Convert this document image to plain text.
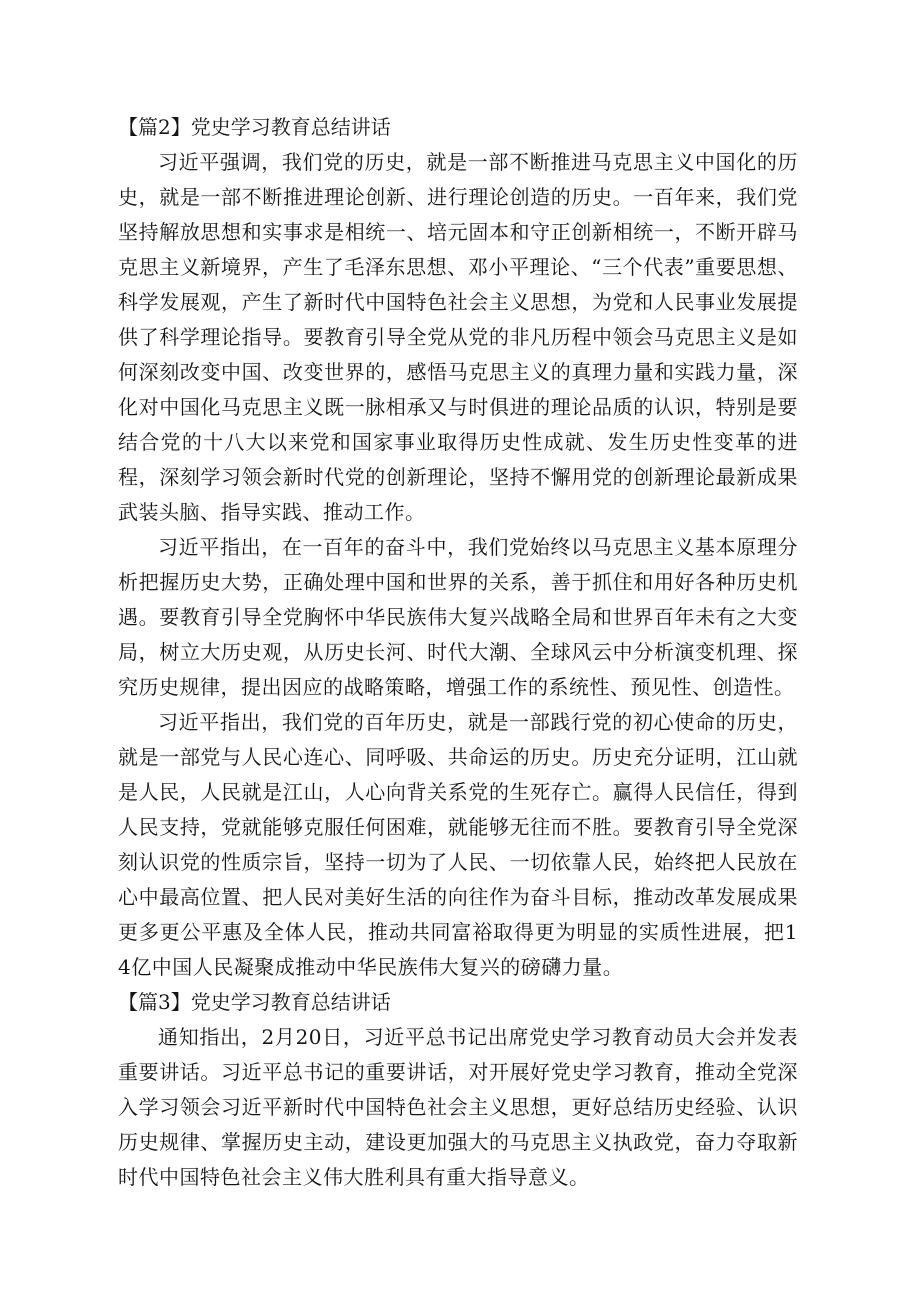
【篇2】党史学习教育总结讲话

习近平强调，我们党的历史，就是一部不断推进马克思主义中国化的历史，就是一部不断推进理论创新、进行理论创造的历史。一百年来，我们党坚持解放思想和实事求是相统一、培元固本和守正创新相统一，不断开辟马克思主义新境界，产生了毛泽东思想、邓小平理论、“三个代表”重要思想、科学发展观，产生了新时代中国特色社会主义思想，为党和人民事业发展提供了科学理论指导。要教育引导全党从党的非凡历程中领会马克思主义是如何深刻改变中国、改变世界的，感悟马克思主义的真理力量和实践力量，深化对中国化马克思主义既一脉相承又与时俱进的理论品质的认识，特别是要结合党的十八大以来党和国家事业取得历史性成就、发生历史性变革的进程，深刻学习领会新时代党的创新理论，坚持不懈用党的创新理论最新成果武装头脑、指导实践、推动工作。

习近平指出，在一百年的奋斗中，我们党始终以马克思主义基本原理分析把握历史大势，正确处理中国和世界的关系，善于抓住和用好各种历史机遇。要教育引导全党胸怀中华民族伟大复兴战略全局和世界百年未有之大变局，树立大历史观，从历史长河、时代大潮、全球风云中分析演变机理、探究历史规律，提出因应的战略策略，增强工作的系统性、预见性、创造性。

习近平指出，我们党的百年历史，就是一部践行党的初心使命的历史，就是一部党与人民心连心、同呼吸、共命运的历史。历史充分证明，江山就是人民，人民就是江山，人心向背关系党的生死存亡。赢得人民信任，得到人民支持，党就能够克服任何困难，就能够无往而不胜。要教育引导全党深刻认识党的性质宗旨，坚持一切为了人民、一切依靠人民，始终把人民放在心中最高位置、把人民对美好生活的向往作为奋斗目标，推动改革发展成果更多更公平惠及全体人民，推动共同富裕取得更为明显的实质性进展，把14亿中国人民凝聚成推动中华民族伟大复兴的磅礴力量。

【篇3】党史学习教育总结讲话

通知指出，2月20日，习近平总书记出席党史学习教育动员大会并发表重要讲话。习近平总书记的重要讲话，对开展好党史学习教育，推动全党深入学习领会习近平新时代中国特色社会主义思想，更好总结历史经验、认识历史规律、掌握历史主动，建设更加强大的马克思主义执政党，奋力夺取新时代中国特色社会主义伟大胜利具有重大指导意义。
